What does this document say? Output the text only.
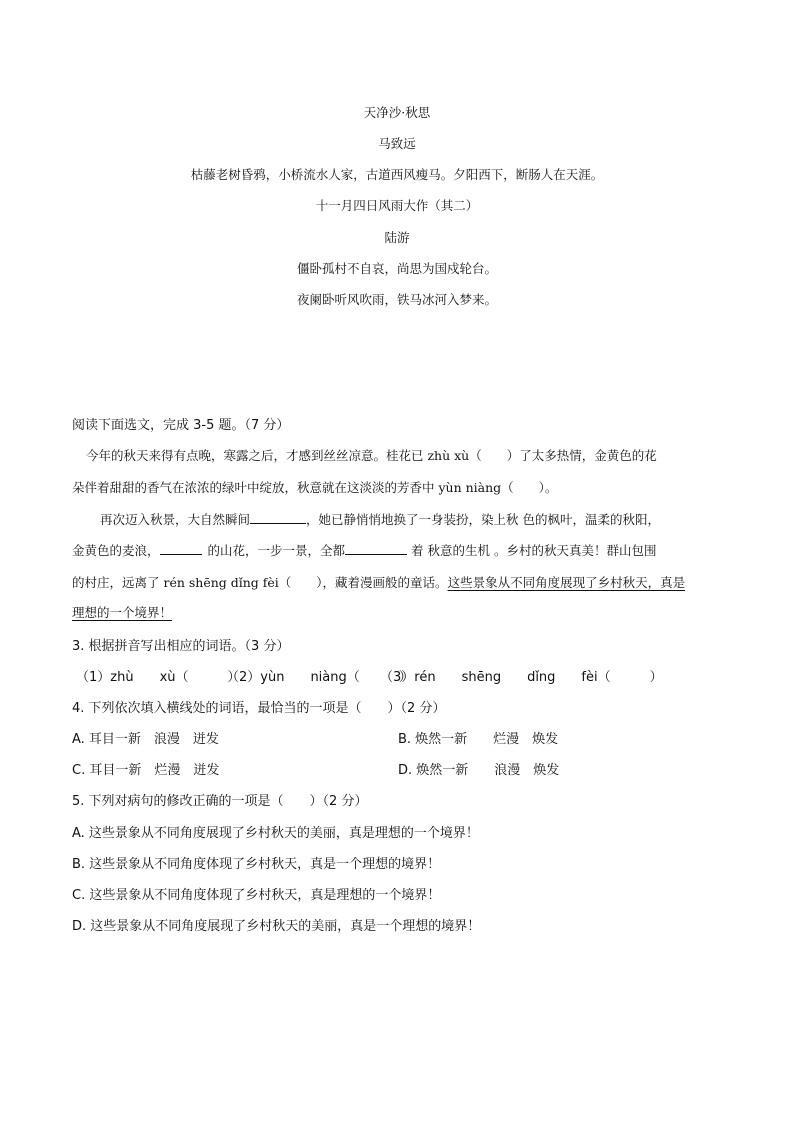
天净沙·秋思
马致远
枯藤老树昏鸦，小桥流水人家，古道西风瘦马。夕阳西下，断肠人在天涯。
十一月四日风雨大作（其二）
陆游
僵卧孤村不自哀，尚思为国戍轮台。
夜阑卧听风吹雨，铁马冰河入梦来。
阅读下面选文，完成 3-5 题。（7 分）
今年的秋天来得有点晚，寒露之后，才感到丝丝凉意。桂花已 zhù xù（　　）了太多热情，金黄色的花
朵伴着甜甜的香气在浓浓的绿叶中绽放，秋意就在这淡淡的芳香中 yùn niàng（　　）。
再次迈入秋景，大自然瞬间	，她已静悄悄地换了一身装扮，染上秋 色的枫叶，温柔的秋阳，
金黄色的麦浪，	的山花，一步一景，全都	着 秋意的生机 。乡村的秋天真美！群山包围
的村庄，远离了 rén shēng dǐng fèi（　　），藏着漫画般的童话。这些景象从不同角度展现了乡村秋天，真是
理想的一个境界！
3. 根据拼音写出相应的词语。（3 分）
（1）zhù　　xù（　　　）
（2）yùn　　niàng（　　　）
（3）rén　　shēng　　dǐng　　fèi（　　　）
4. 下列依次填入横线处的词语，最恰当的一项是（　　）（2 分）
A. 耳目一新　浪漫　迸发	B. 焕然一新　　烂漫　焕发
C. 耳目一新　烂漫　迸发	D. 焕然一新　　浪漫　焕发
5. 下列对病句的修改正确的一项是（　　）（2 分）
A. 这些景象从不同角度展现了乡村秋天的美丽，真是理想的一个境界！
B. 这些景象从不同角度体现了乡村秋天，真是一个理想的境界！
C. 这些景象从不同角度体现了乡村秋天，真是理想的一个境界！
D. 这些景象从不同角度展现了乡村秋天的美丽，真是一个理想的境界！
